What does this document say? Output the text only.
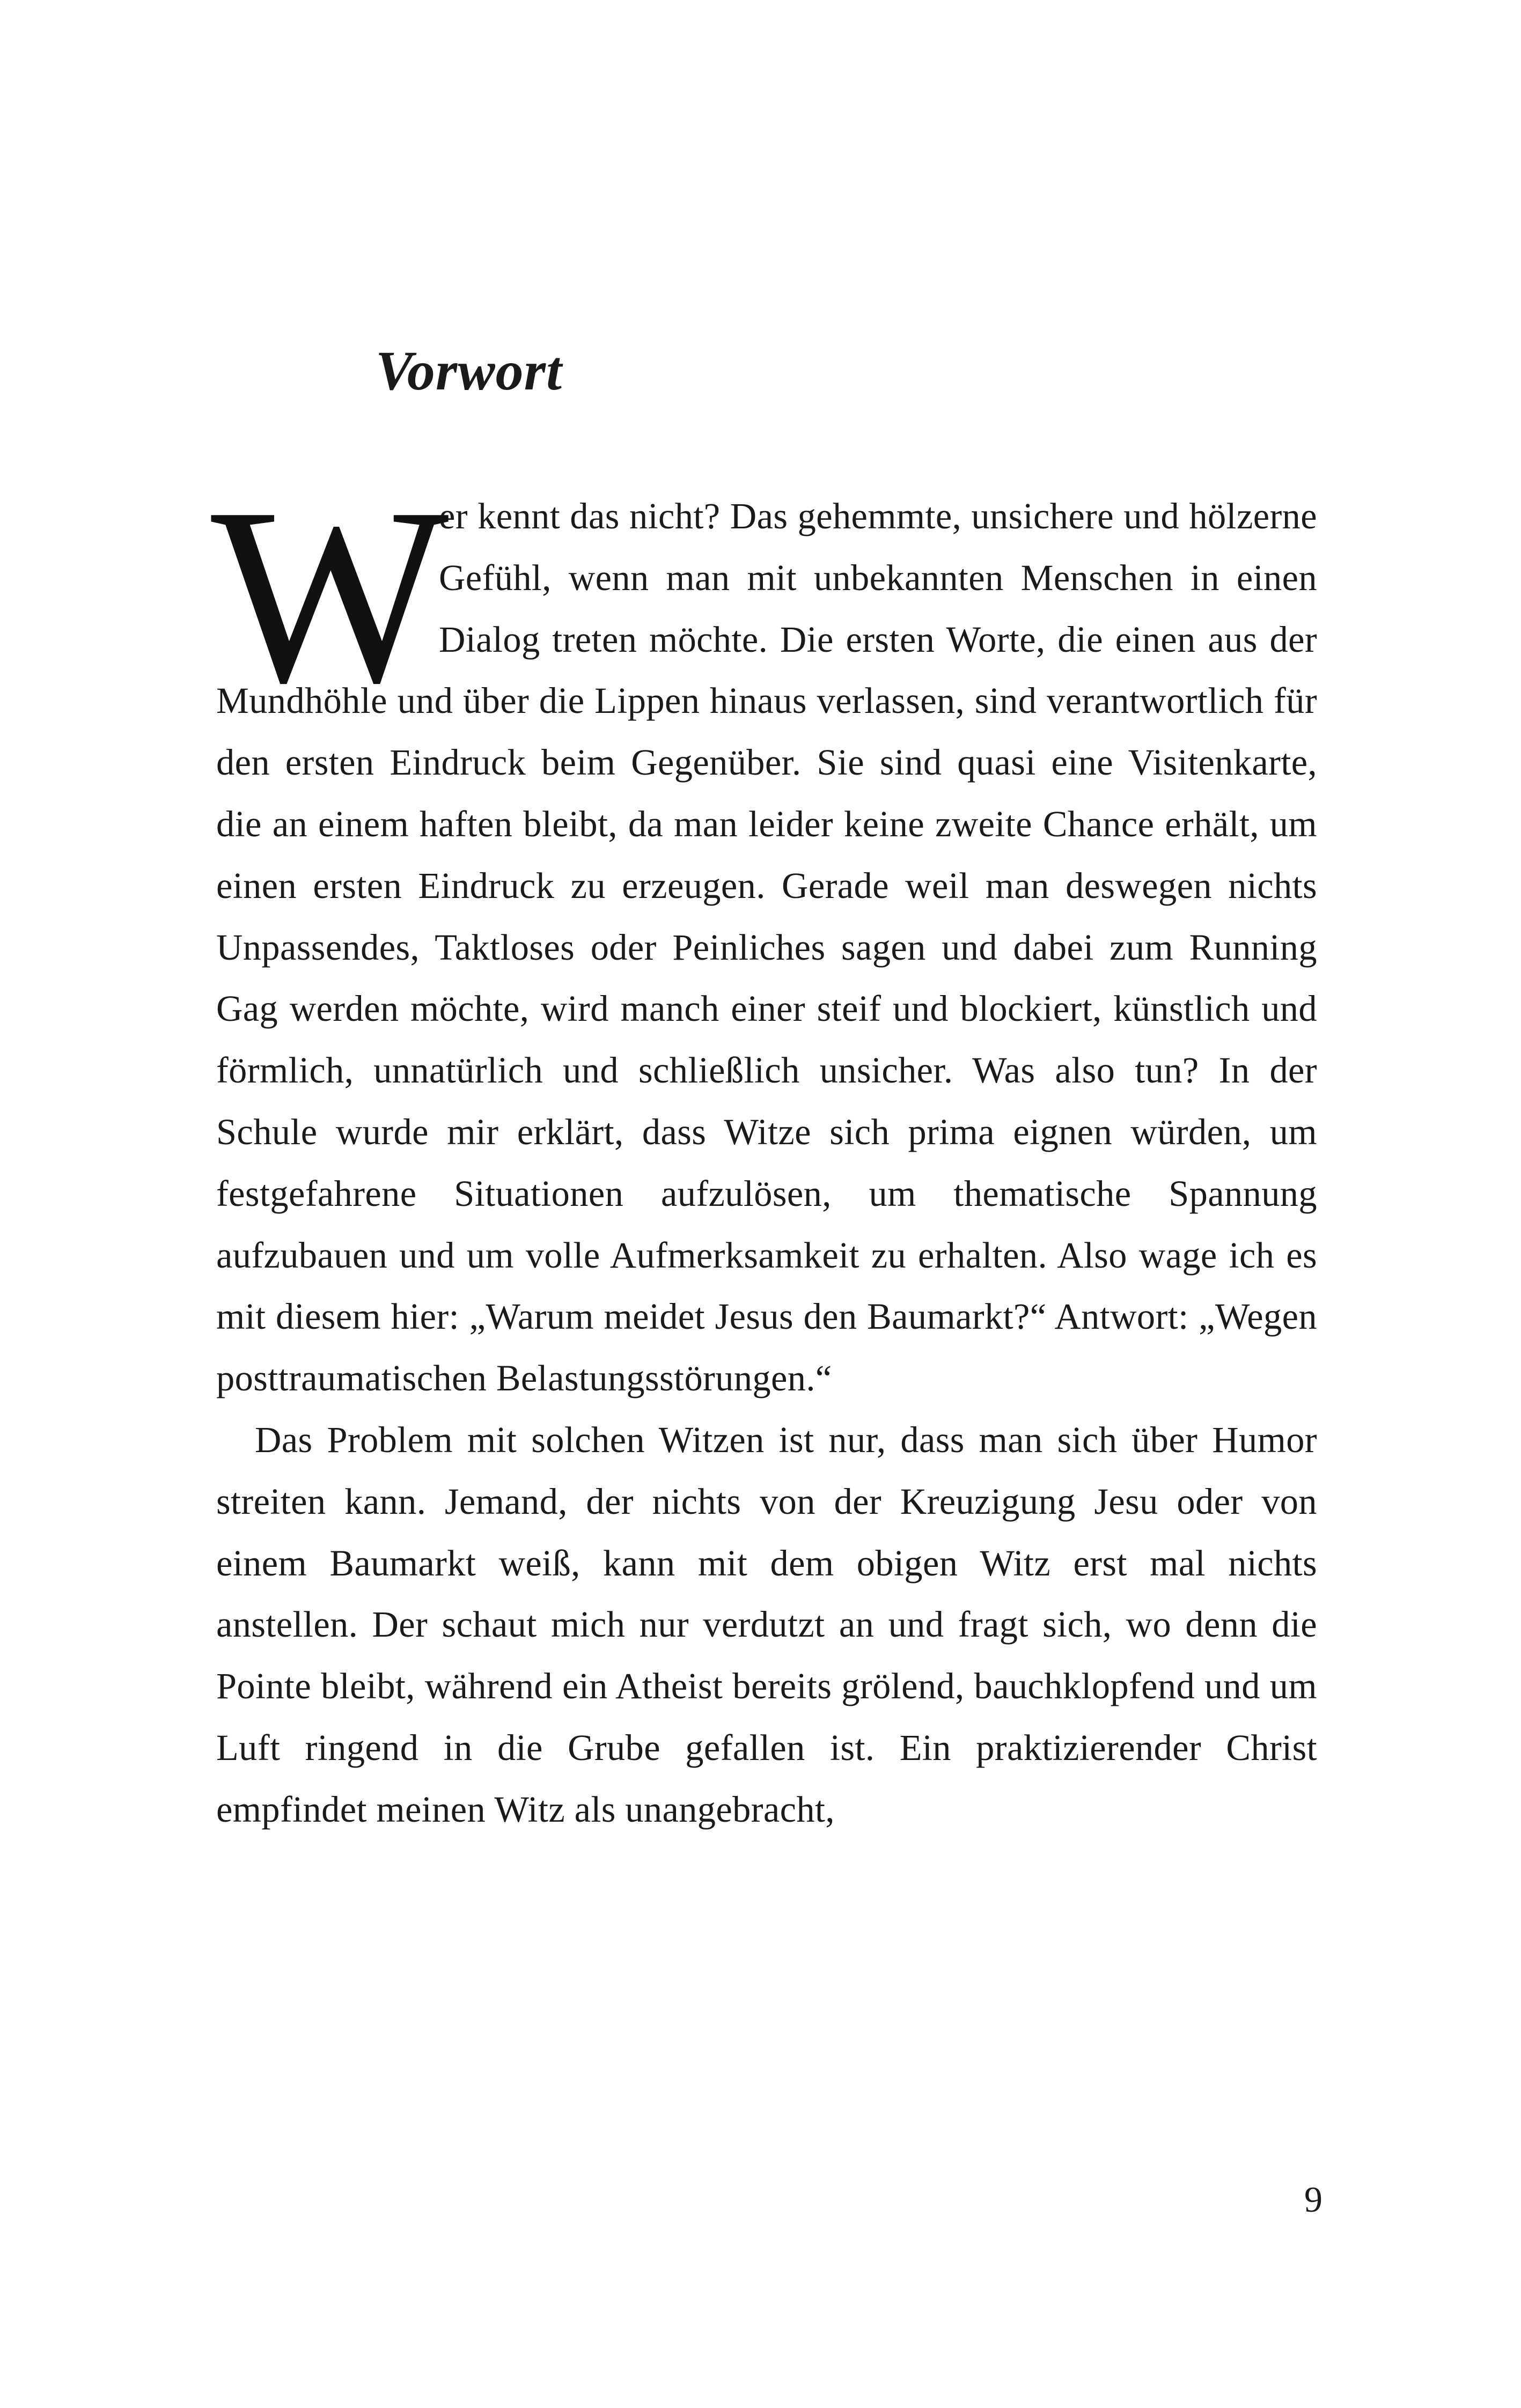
Vorwort

W
er kennt das nicht? Das gehemmte, unsichere und hölzerne Gefühl, wenn man mit unbekannten Menschen in einen Dialog treten möchte. Die ersten Worte, die einen aus der Mundhöhle und über die Lippen hinaus verlassen, sind verantwortlich für den ersten Eindruck beim Gegenüber. Sie sind quasi eine Visitenkarte, die an einem haften bleibt, da man leider keine zweite Chance erhält, um einen ersten Eindruck zu erzeugen. Gerade weil man deswegen nichts Unpassendes, Taktloses oder Peinliches sagen und dabei zum Running Gag werden möchte, wird manch einer steif und blockiert, künstlich und förmlich, unnatürlich und schließlich unsicher. Was also tun? In der Schule wurde mir erklärt, dass Witze sich prima eignen würden, um festgefahrene Situationen aufzulösen, um thematische Spannung aufzubauen und um volle Aufmerksamkeit zu erhalten. Also wage ich es mit diesem hier: „Warum meidet Jesus den Baumarkt?“ Antwort: „Wegen posttraumatischen Belastungsstörungen.“

Das Problem mit solchen Witzen ist nur, dass man sich über Humor streiten kann. Jemand, der nichts von der Kreuzigung Jesu oder von einem Baumarkt weiß, kann mit dem obigen Witz erst mal nichts anstellen. Der schaut mich nur verdutzt an und fragt sich, wo denn die Pointe bleibt, während ein Atheist bereits grölend, bauchklopfend und um Luft ringend in die Grube gefallen ist. Ein praktizierender Christ empfindet meinen Witz als unangebracht,

9
